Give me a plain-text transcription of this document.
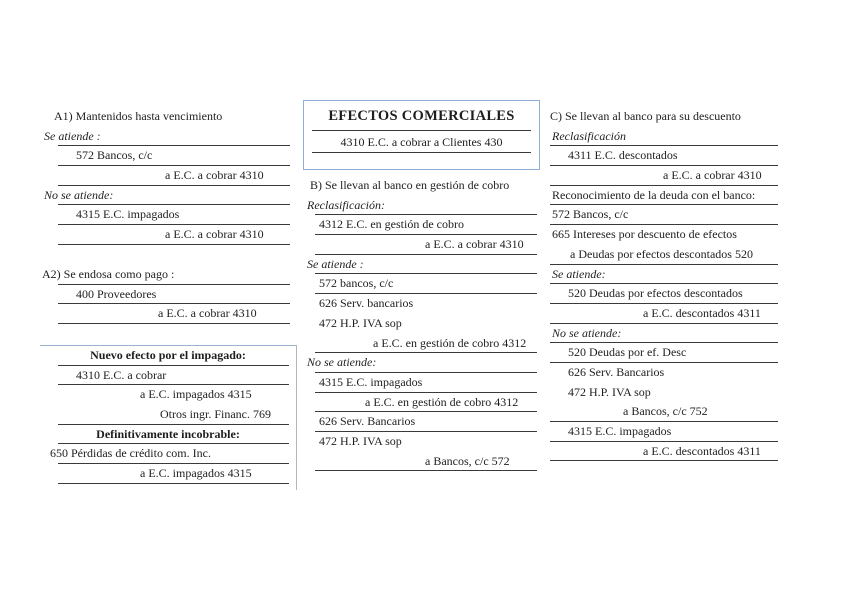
A1) Mantenidos hasta vencimiento
Se atiende :
572 Bancos, c/c
a E.C. a cobrar 4310
No se atiende:
4315 E.C. impagados
a E.C. a cobrar 4310
A2) Se endosa como pago :
400 Proveedores
a E.C. a cobrar 4310
EFECTOS COMERCIALES
4310 E.C. a cobrar a Clientes 430
B) Se llevan al banco en gestión de cobro
Reclasificación:
4312 E.C. en gestión de cobro
a E.C. a cobrar 4310
Se atiende :
572 bancos, c/c
626 Serv. bancarios
472 H.P. IVA sop
a E.C. en gestión de cobro 4312
No se atiende:
4315 E.C. impagados
a E.C. en gestión de cobro 4312
626 Serv. Bancarios
472 H.P. IVA sop
a Bancos, c/c 572
C) Se llevan al banco para su descuento
Reclasificación
4311 E.C. descontados
a E.C. a cobrar 4310
Reconocimiento de la deuda con el banco:
572 Bancos, c/c
665 Intereses por descuento de efectos
a Deudas por efectos descontados 520
Se atiende:
520 Deudas por efectos descontados
a E.C. descontados 4311
No se atiende:
520 Deudas por ef. Desc
626 Serv. Bancarios
472 H.P. IVA sop
a Bancos, c/c 752
4315 E.C. impagados
a E.C. descontados 4311
Nuevo efecto por el impagado:
4310 E.C. a cobrar
a E.C. impagados 4315
Otros ingr. Financ. 769
Definitivamente incobrable:
650 Pérdidas de crédito com. Inc.
a E.C. impagados 4315
